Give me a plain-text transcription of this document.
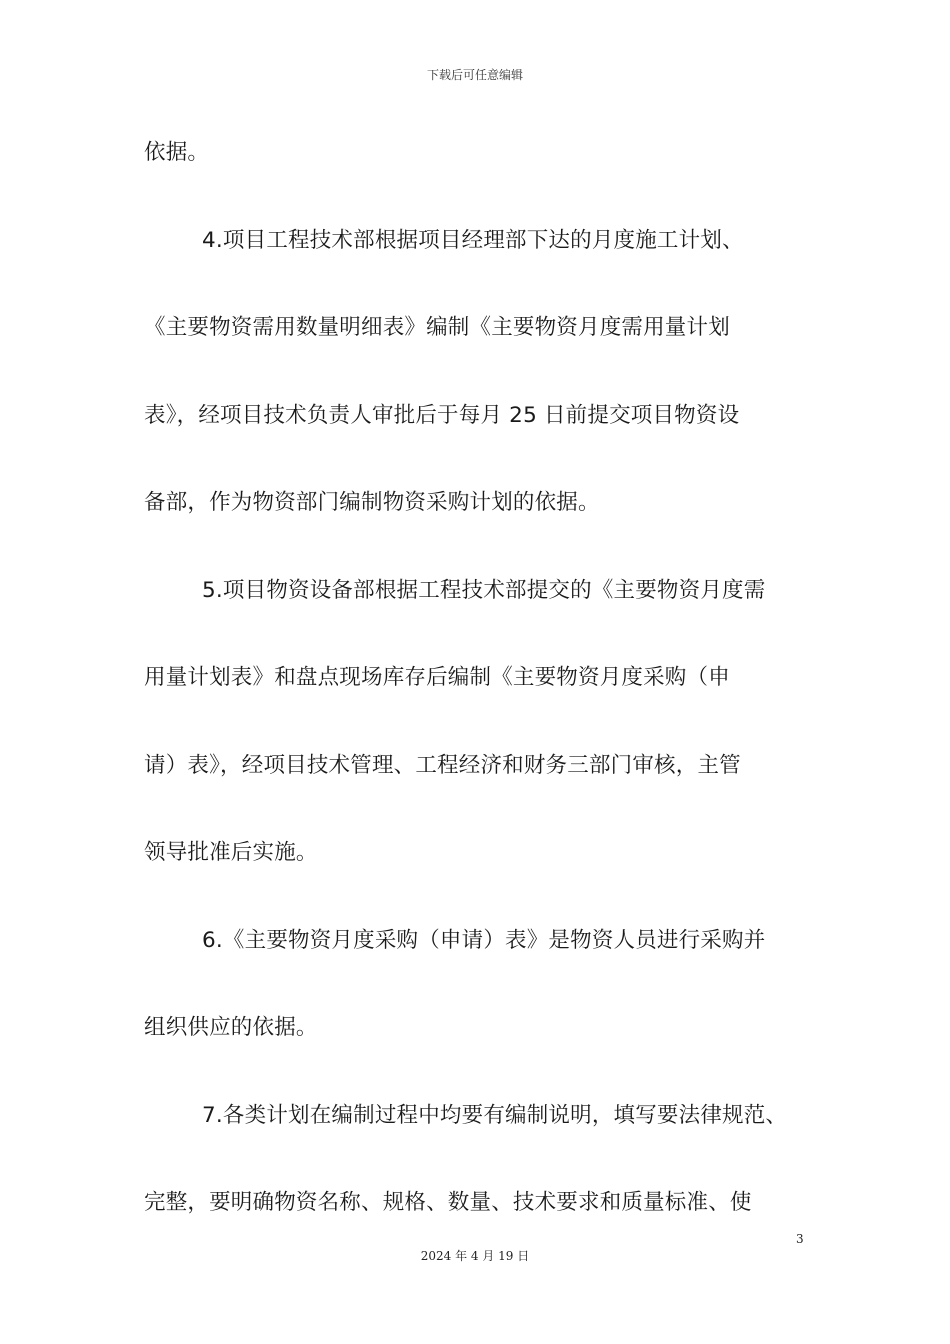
下载后可任意编辑
依据。
4.项目工程技术部根据项目经理部下达的月度施工计划、
《主要物资需用数量明细表》编制《主要物资月度需用量计划
表》，经项目技术负责人审批后于每月 25 日前提交项目物资设
备部，作为物资部门编制物资采购计划的依据。
5.项目物资设备部根据工程技术部提交的《主要物资月度需
用量计划表》和盘点现场库存后编制《主要物资月度采购（申
请）表》，经项目技术管理、工程经济和财务三部门审核，主管
领导批准后实施。
6.《主要物资月度采购（申请）表》是物资人员进行采购并
组织供应的依据。
7.各类计划在编制过程中均要有编制说明，填写要法律规范、
完整，要明确物资名称、规格、数量、技术要求和质量标准、使
3
2024 年 4 月 19 日
